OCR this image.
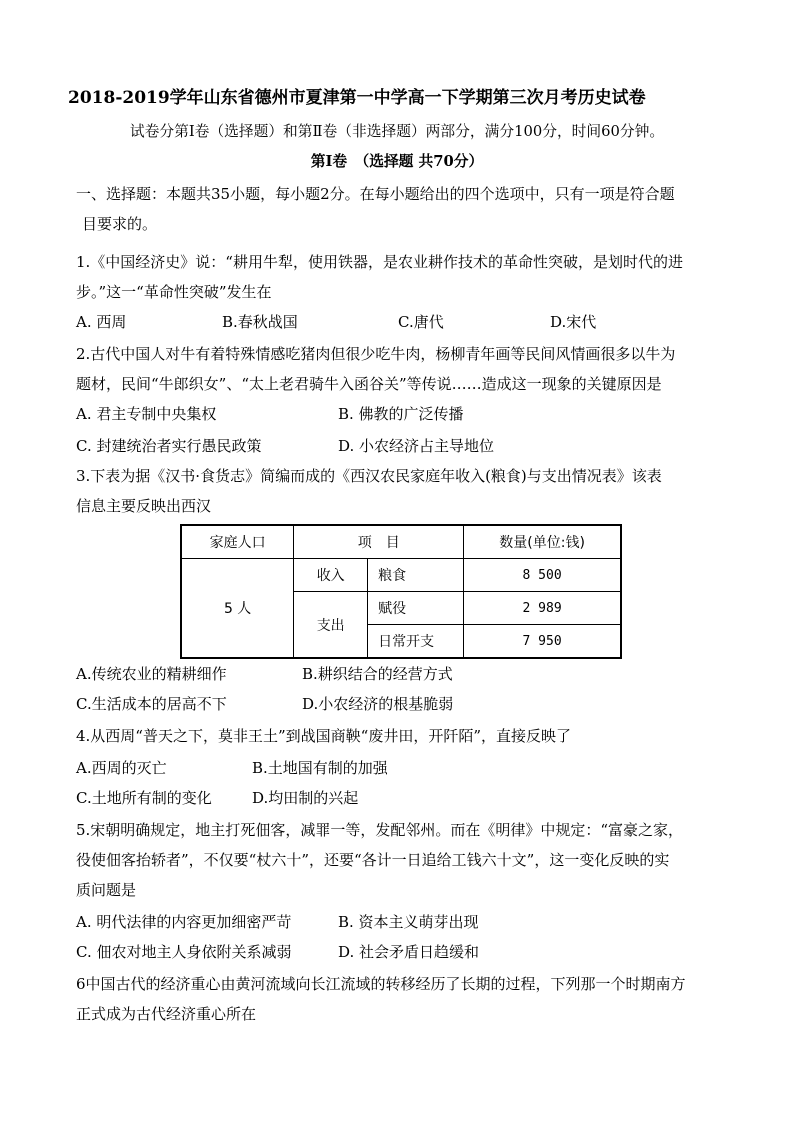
2018-2019学年山东省德州市夏津第一中学高一下学期第三次月考历史试卷
试卷分第Ⅰ卷（选择题）和第Ⅱ卷（非选择题）两部分，满分100分，时间60分钟。
第Ⅰ卷　（选择题 共70分）
一、选择题：本题共35小题，每小题2分。在每小题给出的四个选项中，只有一项是符合题
目要求的。
1.《中国经济史》说：“耕用牛犁，使用铁器，是农业耕作技术的革命性突破，是划时代的进
步。”这一“革命性突破”发生在
A. 西周	B.春秋战国	C.唐代	D.宋代
2.古代中国人对牛有着特殊情感吃猪肉但很少吃牛肉，杨柳青年画等民间风情画很多以牛为
题材，民间“牛郎织女”、“太上老君骑牛入函谷关”等传说……造成这一现象的关键原因是
A. 君主专制中央集权	B. 佛教的广泛传播
C. 封建统治者实行愚民政策	D. 小农经济占主导地位
3.下表为据《汉书·食货志》简编而成的《西汉农民家庭年收入(粮食)与支出情况表》该表
信息主要反映出西汉
家庭人口	项　目		数量(单位:钱)
5 人	收入	粮食	8 500
	支出	赋役	2 989
		日常开支	7 950
A.传统农业的精耕细作	B.耕织结合的经营方式
C.生活成本的居高不下	D.小农经济的根基脆弱
4.从西周“普天之下，莫非王土”到战国商鞅“废井田，开阡陌”，直接反映了
A.西周的灭亡	B.土地国有制的加强
C.土地所有制的变化	D.均田制的兴起
5.宋朝明确规定，地主打死佃客，减罪一等，发配邻州。而在《明律》中规定：“富豪之家，
役使佃客抬轿者”，不仅要“杖六十”，还要“各计一日追给工钱六十文”，这一变化反映的实
质问题是
A. 明代法律的内容更加细密严苛	B. 资本主义萌芽出现
C. 佃农对地主人身依附关系减弱	D. 社会矛盾日趋缓和
6中国古代的经济重心由黄河流域向长江流域的转移经历了长期的过程，下列那一个时期南方
正式成为古代经济重心所在
